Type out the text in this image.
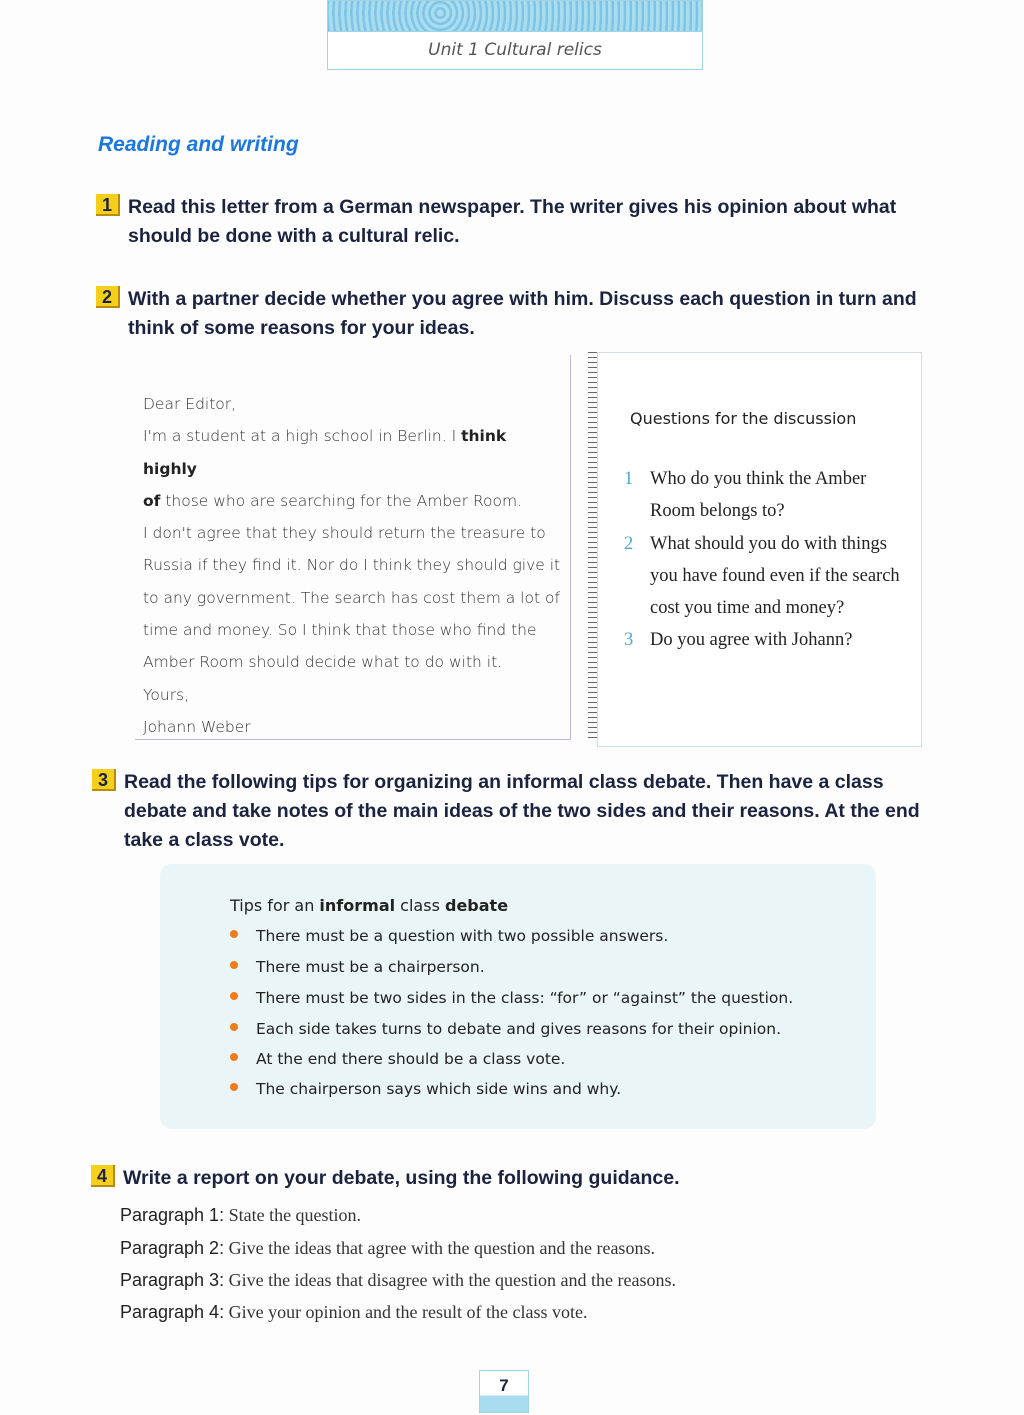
Unit 1 Cultural relics
Reading and writing
1 Read this letter from a German newspaper. The writer gives his opinion about what should be done with a cultural relic.
2 With a partner decide whether you agree with him. Discuss each question in turn and think of some reasons for your ideas.
Dear Editor,
I'm a student at a high school in Berlin. I think highly
of those who are searching for the Amber Room.
I don't agree that they should return the treasure to
Russia if they find it. Nor do I think they should give it
to any government. The search has cost them a lot of
time and money. So I think that those who find the
Amber Room should decide what to do with it.
Yours,
Johann Weber
Questions for the discussion
1 Who do you think the Amber Room belongs to?
2 What should you do with things you have found even if the search cost you time and money?
3 Do you agree with Johann?
3 Read the following tips for organizing an informal class debate. Then have a class debate and take notes of the main ideas of the two sides and their reasons. At the end take a class vote.
Tips for an informal class debate
There must be a question with two possible answers.
There must be a chairperson.
There must be two sides in the class: “for” or “against” the question.
Each side takes turns to debate and gives reasons for their opinion.
At the end there should be a class vote.
The chairperson says which side wins and why.
4 Write a report on your debate, using the following guidance.
Paragraph 1: State the question.
Paragraph 2: Give the ideas that agree with the question and the reasons.
Paragraph 3: Give the ideas that disagree with the question and the reasons.
Paragraph 4: Give your opinion and the result of the class vote.
7
